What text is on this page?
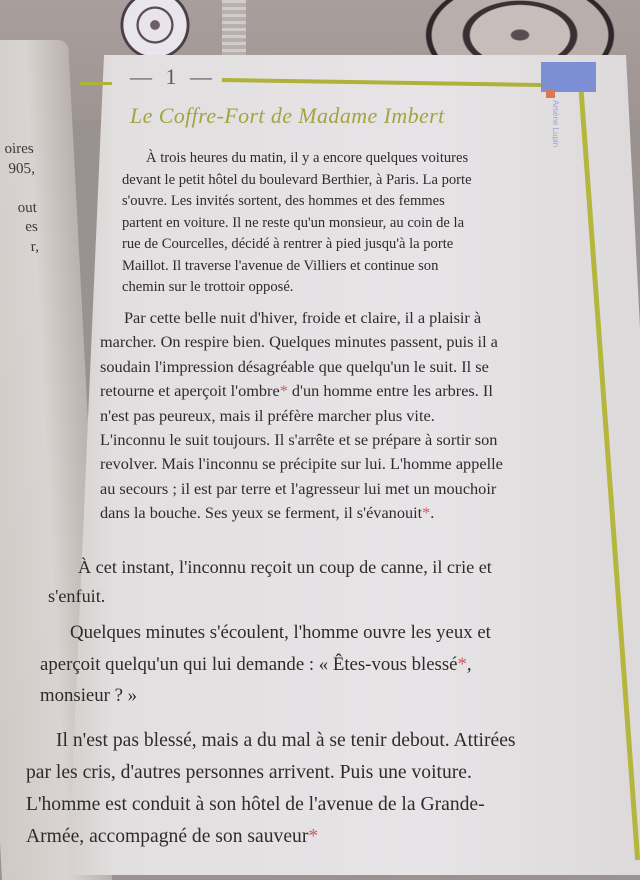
oires
905,

out
es
r,
Arsène Lupin
— 1 —
Le Coffre-Fort de Madame Imbert
À trois heures du matin, il y a encore quelques voitures
devant le petit hôtel du boulevard Berthier, à Paris. La porte
s'ouvre. Les invités sortent, des hommes et des femmes
partent en voiture. Il ne reste qu'un monsieur, au coin de la
rue de Courcelles, décidé à rentrer à pied jusqu'à la porte
Maillot. Il traverse l'avenue de Villiers et continue son
chemin sur le trottoir opposé.
Par cette belle nuit d'hiver, froide et claire, il a plaisir à
marcher. On respire bien. Quelques minutes passent, puis il a
soudain l'impression désagréable que quelqu'un le suit. Il se
retourne et aperçoit l'ombre* d'un homme entre les arbres. Il
n'est pas peureux, mais il préfère marcher plus vite.
L'inconnu le suit toujours. Il s'arrête et se prépare à sortir son
revolver. Mais l'inconnu se précipite sur lui. L'homme appelle
au secours ; il est par terre et l'agresseur lui met un mouchoir
dans la bouche. Ses yeux se ferment, il s'évanouit*.
À cet instant, l'inconnu reçoit un coup de canne, il crie et
s'enfuit.
Quelques minutes s'écoulent, l'homme ouvre les yeux et
aperçoit quelqu'un qui lui demande : « Êtes-vous blessé*,
monsieur ? »
Il n'est pas blessé, mais a du mal à se tenir debout. Attirées
par les cris, d'autres personnes arrivent. Puis une voiture.
L'homme est conduit à son hôtel de l'avenue de la Grande-
Armée, accompagné de son sauveur*
